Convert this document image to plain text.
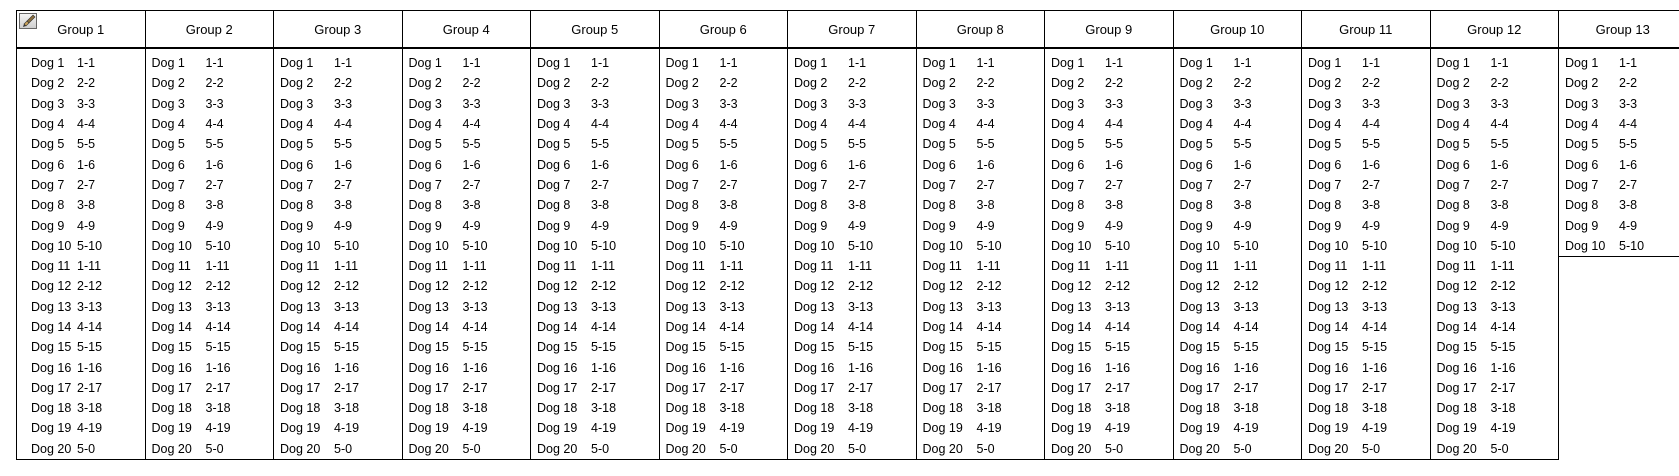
Group 1
Dog 1	1-1
Dog 2	2-2
Dog 3	3-3
Dog 4	4-4
Dog 5	5-5
Dog 6	1-6
Dog 7	2-7
Dog 8	3-8
Dog 9	4-9
Dog 10 5-10
Dog 11 1-11
Dog 12 2-12
Dog 13 3-13
Dog 14 4-14
Dog 15 5-15
Dog 16 1-16
Dog 17 2-17
Dog 18 3-18
Dog 19 4-19
Dog 20 5-0
Group 2
Dog 1	1-1
Dog 2	2-2
Dog 3	3-3
Dog 4	4-4
Dog 5	5-5
Dog 6	1-6
Dog 7	2-7
Dog 8	3-8
Dog 9	4-9
Dog 10	5-10
Dog 11	1-11
Dog 12	2-12
Dog 13	3-13
Dog 14	4-14
Dog 15	5-15
Dog 16	1-16
Dog 17	2-17
Dog 18	3-18
Dog 19	4-19
Dog 20	5-0
Group 3
Dog 1	1-1
Dog 2	2-2
Dog 3	3-3
Dog 4	4-4
Dog 5	5-5
Dog 6	1-6
Dog 7	2-7
Dog 8	3-8
Dog 9	4-9
Dog 10	5-10
Dog 11	1-11
Dog 12	2-12
Dog 13	3-13
Dog 14	4-14
Dog 15	5-15
Dog 16	1-16
Dog 17	2-17
Dog 18	3-18
Dog 19	4-19
Dog 20	5-0
Group 4
Dog 1	1-1
Dog 2	2-2
Dog 3	3-3
Dog 4	4-4
Dog 5	5-5
Dog 6	1-6
Dog 7	2-7
Dog 8	3-8
Dog 9	4-9
Dog 10	5-10
Dog 11	1-11
Dog 12	2-12
Dog 13	3-13
Dog 14	4-14
Dog 15	5-15
Dog 16	1-16
Dog 17	2-17
Dog 18	3-18
Dog 19	4-19
Dog 20	5-0
Group 5
Dog 1	1-1
Dog 2	2-2
Dog 3	3-3
Dog 4	4-4
Dog 5	5-5
Dog 6	1-6
Dog 7	2-7
Dog 8	3-8
Dog 9	4-9
Dog 10	5-10
Dog 11	1-11
Dog 12	2-12
Dog 13	3-13
Dog 14	4-14
Dog 15	5-15
Dog 16	1-16
Dog 17	2-17
Dog 18	3-18
Dog 19	4-19
Dog 20	5-0
Group 6
Dog 1	1-1
Dog 2	2-2
Dog 3	3-3
Dog 4	4-4
Dog 5	5-5
Dog 6	1-6
Dog 7	2-7
Dog 8	3-8
Dog 9	4-9
Dog 10	5-10
Dog 11	1-11
Dog 12	2-12
Dog 13	3-13
Dog 14	4-14
Dog 15	5-15
Dog 16	1-16
Dog 17	2-17
Dog 18	3-18
Dog 19	4-19
Dog 20	5-0
Group 7
Dog 1	1-1
Dog 2	2-2
Dog 3	3-3
Dog 4	4-4
Dog 5	5-5
Dog 6	1-6
Dog 7	2-7
Dog 8	3-8
Dog 9	4-9
Dog 10	5-10
Dog 11	1-11
Dog 12	2-12
Dog 13	3-13
Dog 14	4-14
Dog 15	5-15
Dog 16	1-16
Dog 17	2-17
Dog 18	3-18
Dog 19	4-19
Dog 20	5-0
Group 8
Dog 1	1-1
Dog 2	2-2
Dog 3	3-3
Dog 4	4-4
Dog 5	5-5
Dog 6	1-6
Dog 7	2-7
Dog 8	3-8
Dog 9	4-9
Dog 10	5-10
Dog 11	1-11
Dog 12	2-12
Dog 13	3-13
Dog 14	4-14
Dog 15	5-15
Dog 16	1-16
Dog 17	2-17
Dog 18	3-18
Dog 19	4-19
Dog 20	5-0
Group 9
Dog 1	1-1
Dog 2	2-2
Dog 3	3-3
Dog 4	4-4
Dog 5	5-5
Dog 6	1-6
Dog 7	2-7
Dog 8	3-8
Dog 9	4-9
Dog 10	5-10
Dog 11	1-11
Dog 12	2-12
Dog 13	3-13
Dog 14	4-14
Dog 15	5-15
Dog 16	1-16
Dog 17	2-17
Dog 18	3-18
Dog 19	4-19
Dog 20	5-0
Group 10
Dog 1	1-1
Dog 2	2-2
Dog 3	3-3
Dog 4	4-4
Dog 5	5-5
Dog 6	1-6
Dog 7	2-7
Dog 8	3-8
Dog 9	4-9
Dog 10	5-10
Dog 11	1-11
Dog 12	2-12
Dog 13	3-13
Dog 14	4-14
Dog 15	5-15
Dog 16	1-16
Dog 17	2-17
Dog 18	3-18
Dog 19	4-19
Dog 20	5-0
Group 11
Dog 1	1-1
Dog 2	2-2
Dog 3	3-3
Dog 4	4-4
Dog 5	5-5
Dog 6	1-6
Dog 7	2-7
Dog 8	3-8
Dog 9	4-9
Dog 10	5-10
Dog 11	1-11
Dog 12	2-12
Dog 13	3-13
Dog 14	4-14
Dog 15	5-15
Dog 16	1-16
Dog 17	2-17
Dog 18	3-18
Dog 19	4-19
Dog 20	5-0
Group 12
Dog 1	1-1
Dog 2	2-2
Dog 3	3-3
Dog 4	4-4
Dog 5	5-5
Dog 6	1-6
Dog 7	2-7
Dog 8	3-8
Dog 9	4-9
Dog 10	5-10
Dog 11	1-11
Dog 12	2-12
Dog 13	3-13
Dog 14	4-14
Dog 15	5-15
Dog 16	1-16
Dog 17	2-17
Dog 18	3-18
Dog 19	4-19
Dog 20	5-0
Group 13
Dog 1	1-1
Dog 2	2-2
Dog 3	3-3
Dog 4	4-4
Dog 5	5-5
Dog 6	1-6
Dog 7	2-7
Dog 8	3-8
Dog 9	4-9
Dog 10	5-10
